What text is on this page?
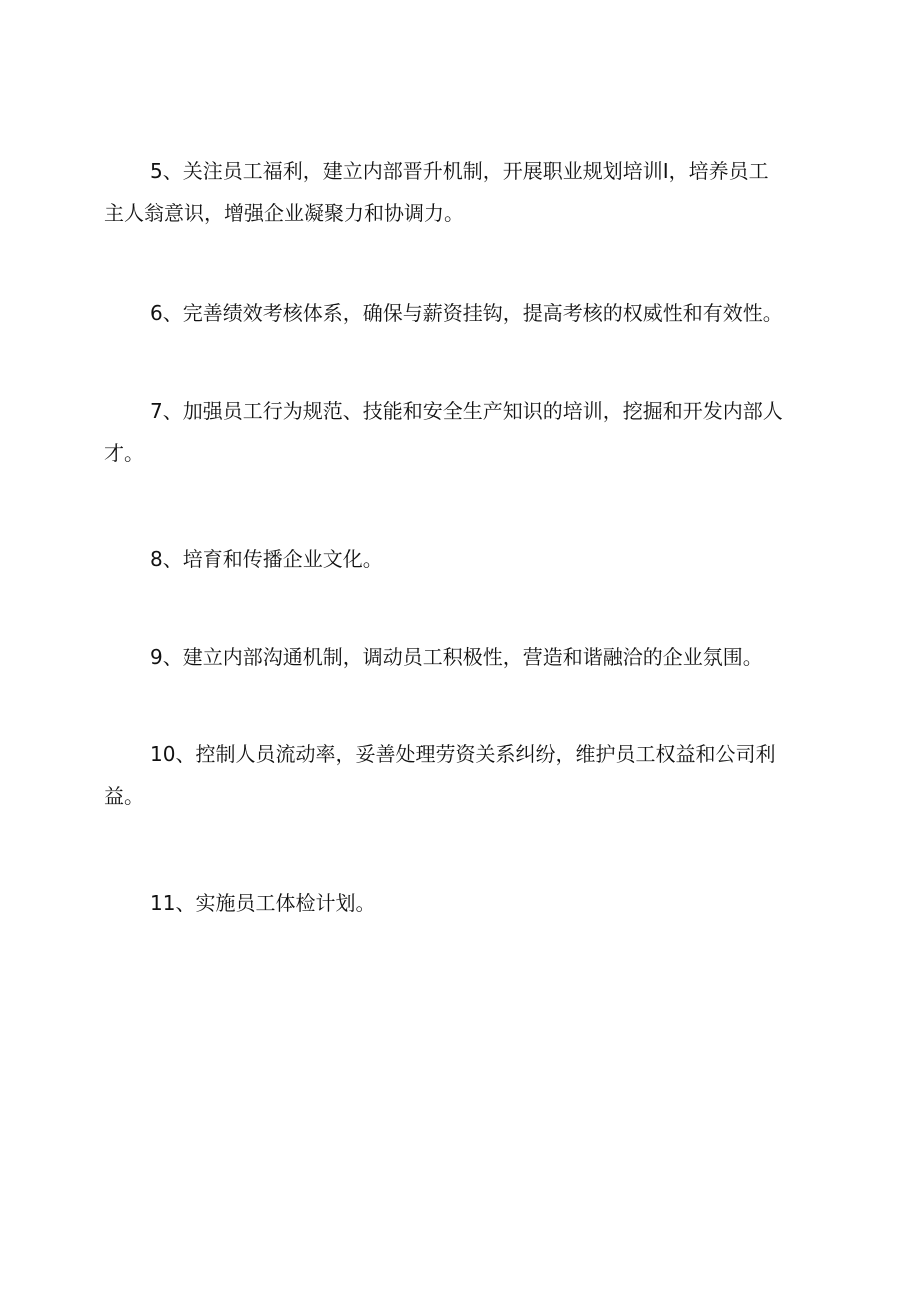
5、关注员工福利，建立内部晋升机制，开展职业规划培训I，培养员工主人翁意识，增强企业凝聚力和协调力。

6、完善绩效考核体系，确保与薪资挂钩，提高考核的权威性和有效性。

7、加强员工行为规范、技能和安全生产知识的培训，挖掘和开发内部人才。

8、培育和传播企业文化。

9、建立内部沟通机制，调动员工积极性，营造和谐融洽的企业氛围。

10、控制人员流动率，妥善处理劳资关系纠纷，维护员工权益和公司利益。

11、实施员工体检计划。
